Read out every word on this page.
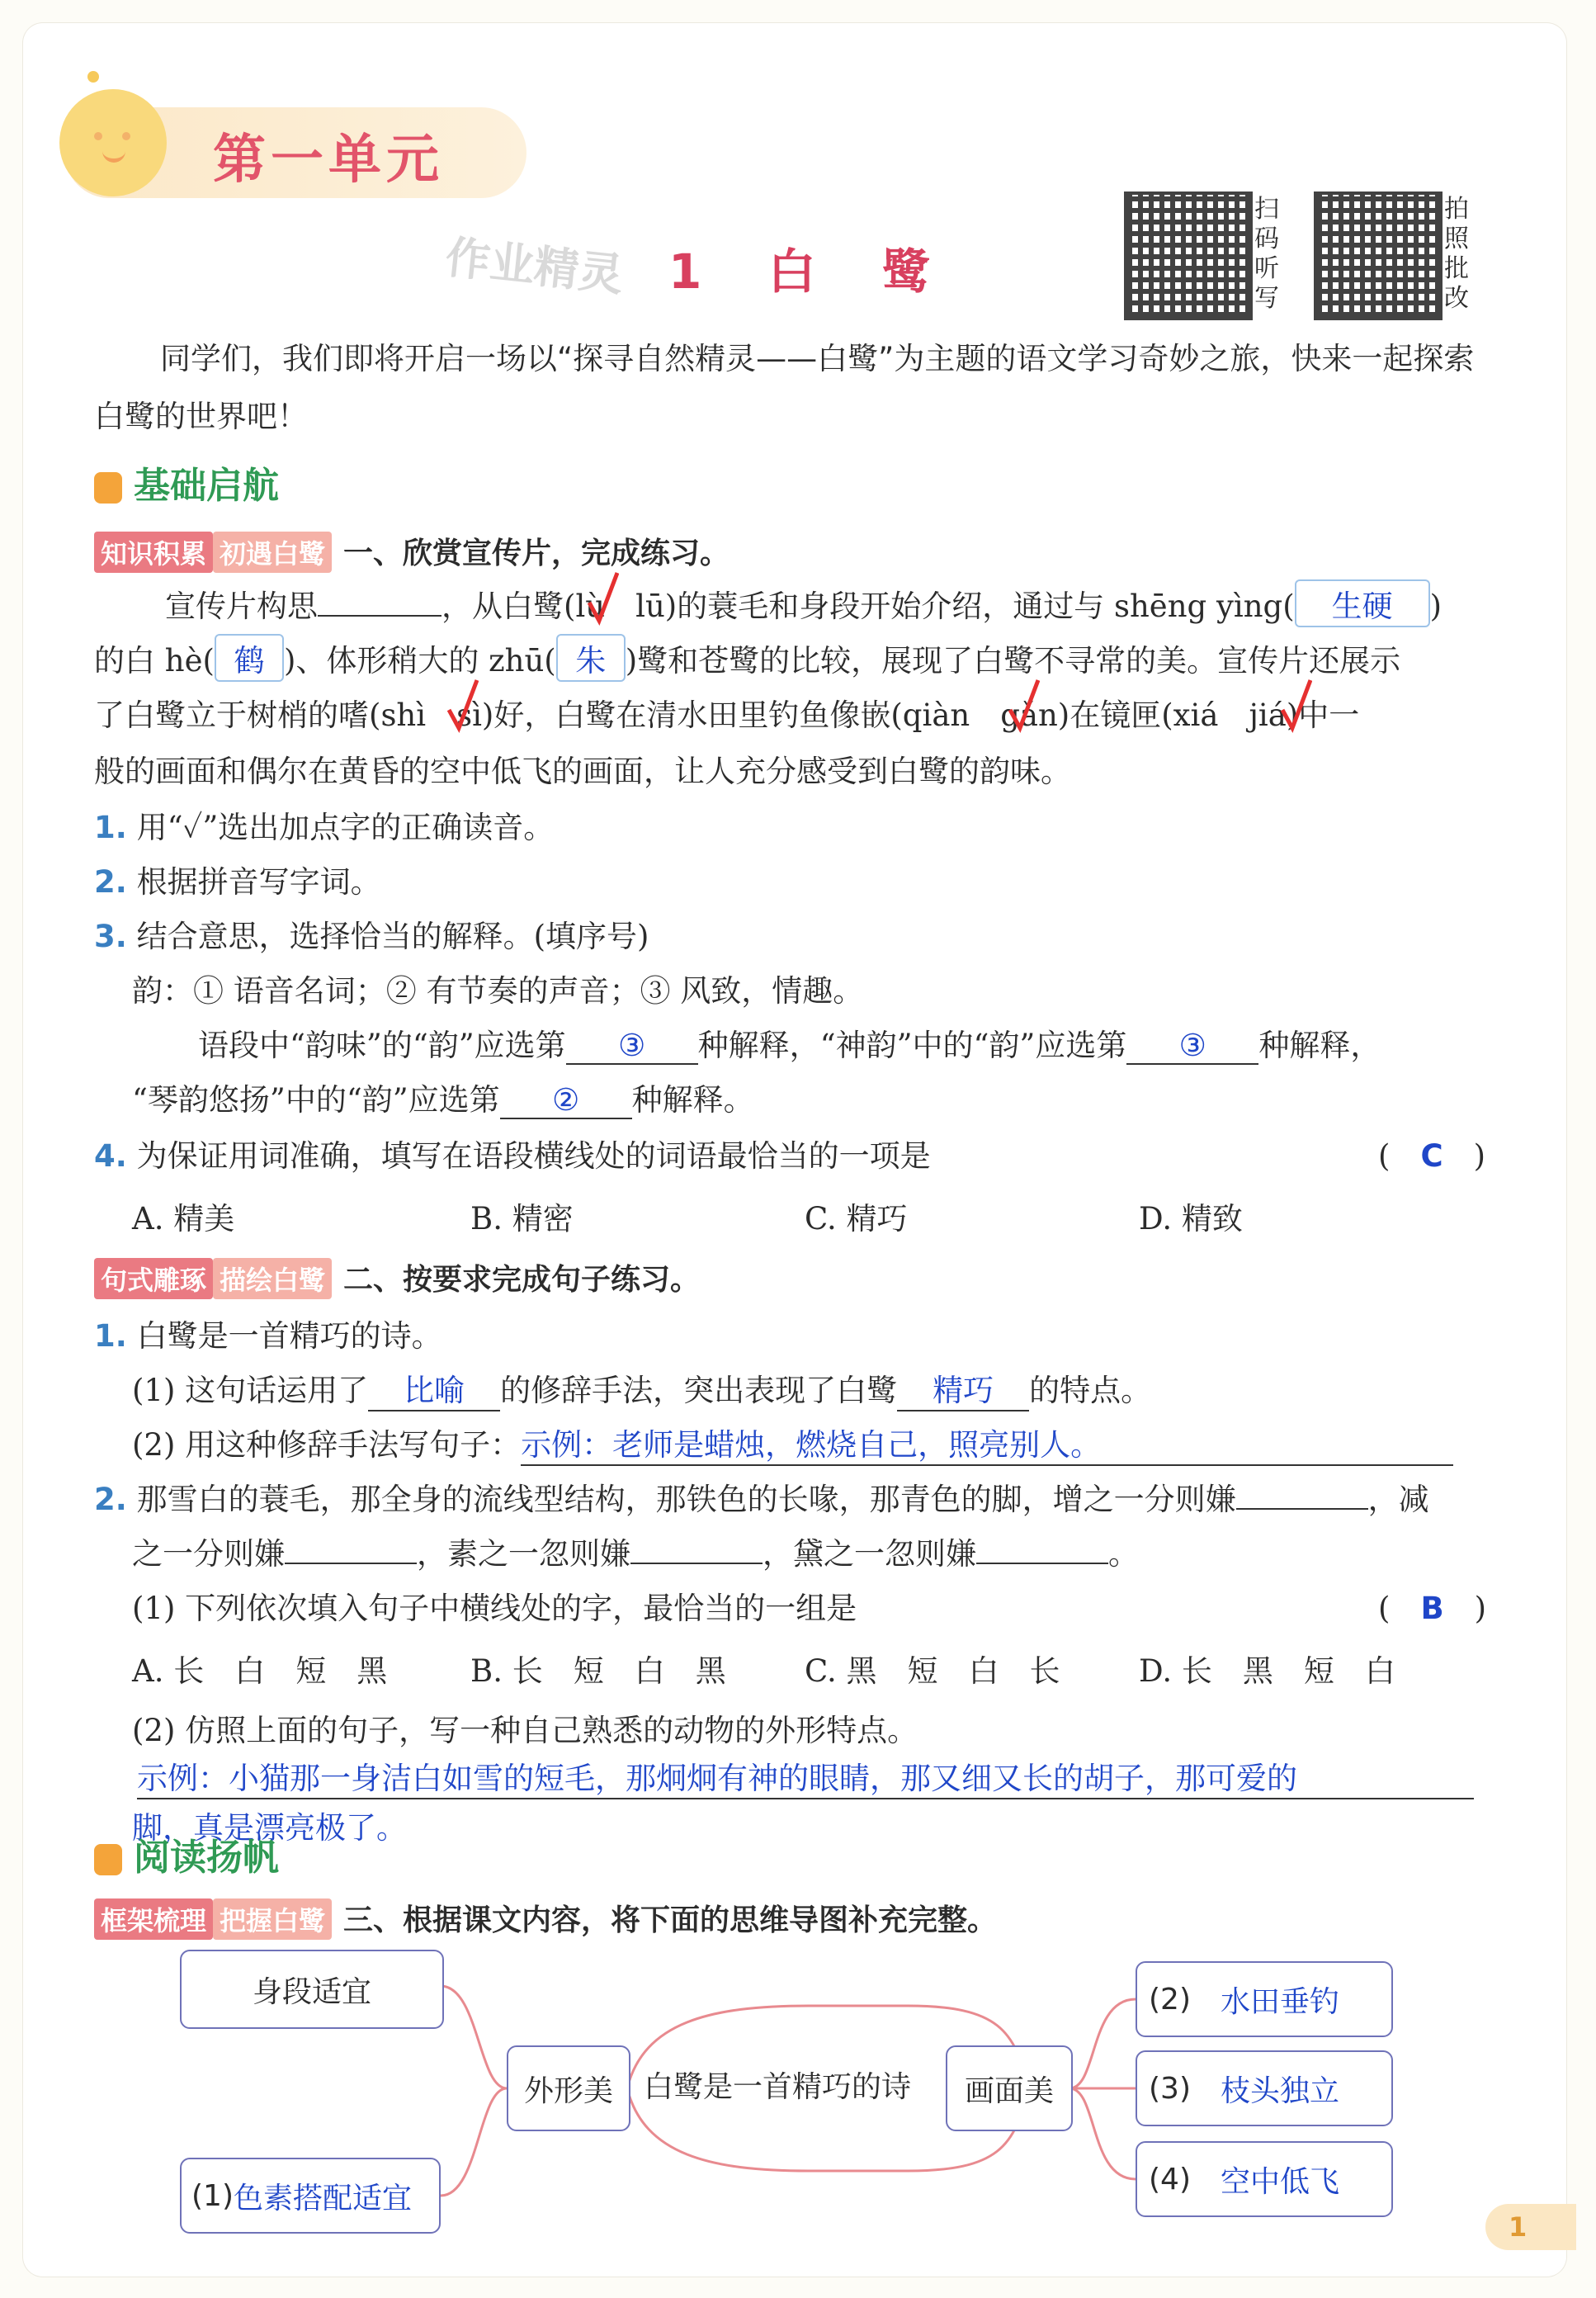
第一单元
作业精灵 1 白 鹭
扫码听写
拍照批改
同学们，我们即将开启一场以“探寻自然精灵——白鹭”为主题的语文学习奇妙之旅，快来一起探索白鹭的世界吧！
基础启航
知识积累 初遇白鹭 一、欣赏宣传片，完成练习。
宣传片构思	，从白鹭(lù　 lū)的蓑毛和身段开始介绍，通过与 shēng yìng( 生硬 )
的白 hè( 鹤 )、体形稍大的 zhū( 朱 )鹭和苍鹭的比较，展现了白鹭不寻常的美。宣传片还展示
了白鹭立于树梢的嗜(shì　 sì)好，白鹭在清水田里钓鱼像嵌(qiàn　 gǎn)在镜匣(xiá　 jiá)中一
般的画面和偶尔在黄昏的空中低飞的画面，让人充分感受到白鹭的韵味。
1. 用“✓”选出加点字的正确读音。
2. 根据拼音写字词。
3. 结合意思，选择恰当的解释。(填序号)
韵：① 语音名词；② 有节奏的声音；③ 风致，情趣。
语段中“韵味”的“韵”应选第 ③ 种解释，“神韵”中的“韵”应选第 ③ 种解释，
“琴韵悠扬”中的“韵”应选第 ② 种解释。
4. 为保证用词准确，填写在语段横线处的词语最恰当的一项是	(　C　)
A. 精美	B. 精密	C. 精巧	D. 精致
句式雕琢 描绘白鹭 二、按要求完成句子练习。
1. 白鹭是一首精巧的诗。
(1) 这句话运用了 比喻 的修辞手法，突出表现了白鹭 精巧 的特点。
(2) 用这种修辞手法写句子：示例：老师是蜡烛，燃烧自己，照亮别人。
2. 那雪白的蓑毛，那全身的流线型结构，那铁色的长喙，那青色的脚，增之一分则嫌	，减
之一分则嫌	，素之一忽则嫌	，黛之一忽则嫌	。
(1) 下列依次填入句子中横线处的字，最恰当的一组是	(　B　)
A. 长　白　短　黑	B. 长　短　白　黑	C. 黑　短　白　长	D. 长　黑　短　白
(2) 仿照上面的句子，写一种自己熟悉的动物的外形特点。
示例：小猫那一身洁白如雪的短毛，那炯炯有神的眼睛，那又细又长的胡子，那可爱的
脚，真是漂亮极了。
阅读扬帆
框架梳理 把握白鹭 三、根据课文内容，将下面的思维导图补充完整。
身段适宜
外形美	白鹭是一首精巧的诗	画面美
(1) 色素搭配适宜
(2)
　 水田垂钓
(3)
　 枝头独立
(4)
　 空中低飞
1
